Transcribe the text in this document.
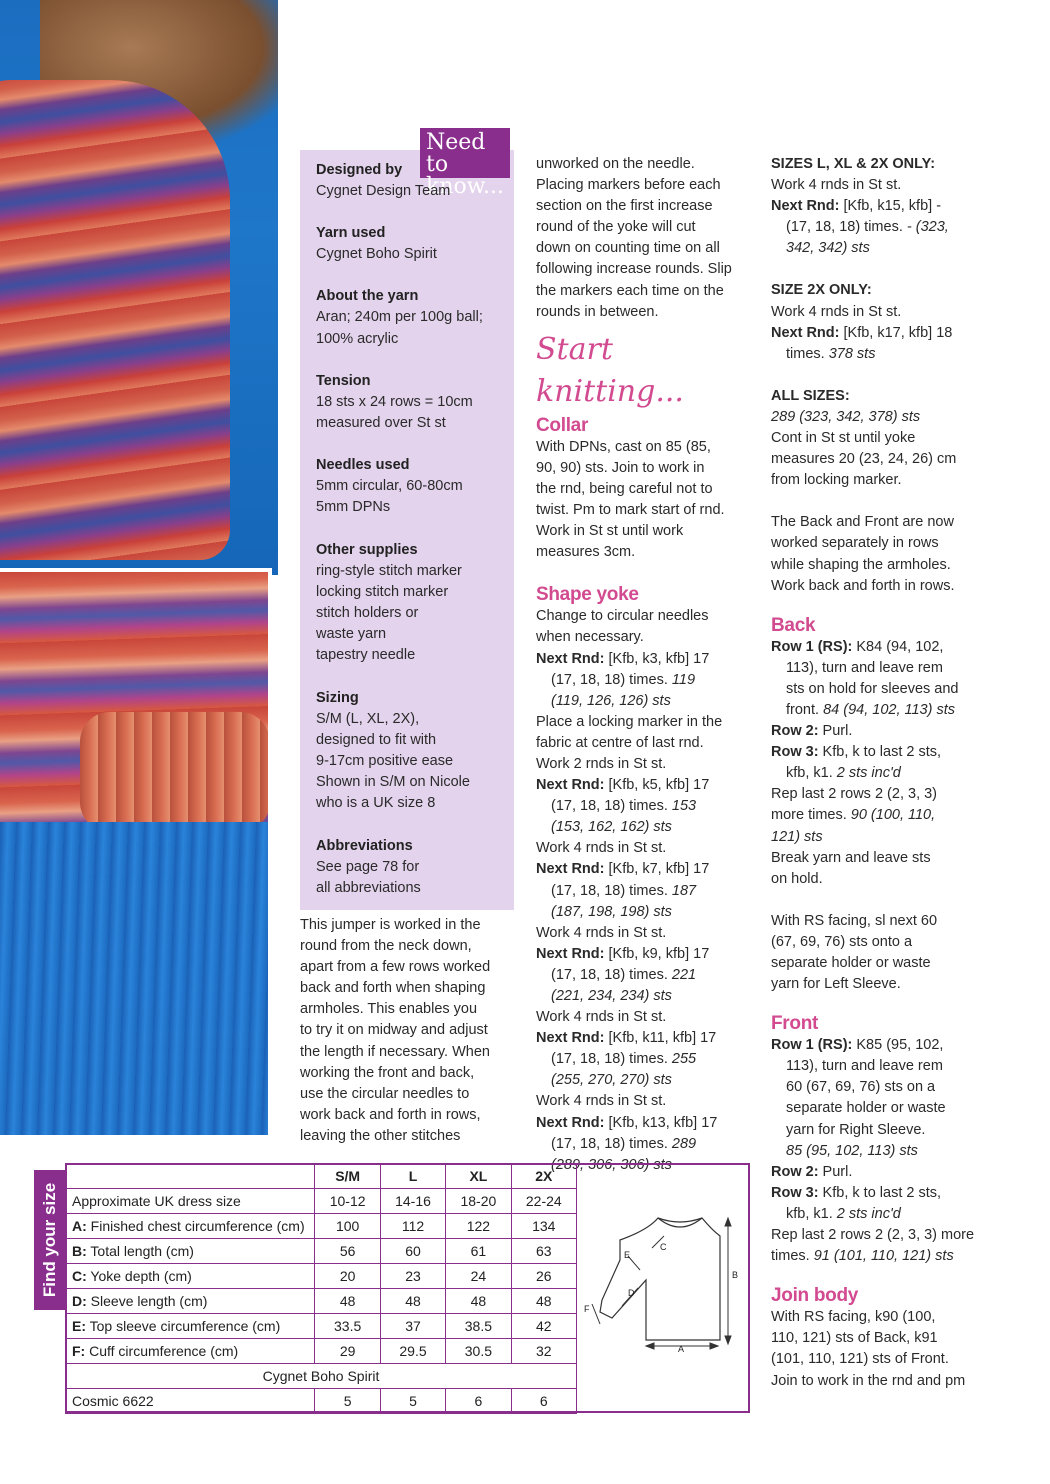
Need to
know...
Designed by
Cygnet Design Team
Yarn used
Cygnet Boho Spirit
About the yarn
Aran; 240m per 100g ball;
100% acrylic
Tension
18 sts x 24 rows = 10cm
measured over St st
Needles used
5mm circular, 60-80cm
5mm DPNs
Other supplies
ring-style stitch marker
locking stitch marker
stitch holders or
waste yarn
tapestry needle
Sizing
S/M (L, XL, 2X),
designed to fit with
9-17cm positive ease
Shown in S/M on Nicole
who is a UK size 8
Abbreviations
See page 78 for
all abbreviations
This jumper is worked in the
round from the neck down,
apart from a few rows worked
back and forth when shaping
armholes. This enables you
to try it on midway and adjust
the length if necessary. When
working the front and back,
use the circular needles to
work back and forth in rows,
leaving the other stitches
unworked on the needle.
Placing markers before each
section on the first increase
round of the yoke will cut
down on counting time on all
following increase rounds. Slip
the markers each time on the
rounds in between.
Start knitting...
Collar
With DPNs, cast on 85 (85,
90, 90) sts. Join to work in
the rnd, being careful not to
twist. Pm to mark start of rnd.
Work in St st until work
measures 3cm.
Shape yoke
Change to circular needles
when necessary.
Next Rnd: [Kfb, k3, kfb] 17
(17, 18, 18) times. 119
(119, 126, 126) sts
Place a locking marker in the
fabric at centre of last rnd.
Work 2 rnds in St st.
Next Rnd: [Kfb, k5, kfb] 17
(17, 18, 18) times. 153
(153, 162, 162) sts
Work 4 rnds in St st.
Next Rnd: [Kfb, k7, kfb] 17
(17, 18, 18) times. 187
(187, 198, 198) sts
Work 4 rnds in St st.
Next Rnd: [Kfb, k9, kfb] 17
(17, 18, 18) times. 221
(221, 234, 234) sts
Work 4 rnds in St st.
Next Rnd: [Kfb, k11, kfb] 17
(17, 18, 18) times. 255
(255, 270, 270) sts
Work 4 rnds in St st.
Next Rnd: [Kfb, k13, kfb] 17
(17, 18, 18) times. 289
(289, 306, 306) sts
SIZES L, XL & 2X ONLY:
Work 4 rnds in St st.
Next Rnd: [Kfb, k15, kfb] -
(17, 18, 18) times. - (323,
342, 342) sts
SIZE 2X ONLY:
Work 4 rnds in St st.
Next Rnd: [Kfb, k17, kfb] 18
times. 378 sts
ALL SIZES:
289 (323, 342, 378) sts
Cont in St st until yoke
measures 20 (23, 24, 26) cm
from locking marker.
The Back and Front are now
worked separately in rows
while shaping the armholes.
Work back and forth in rows.
Back
Row 1 (RS): K84 (94, 102,
113), turn and leave rem
sts on hold for sleeves and
front. 84 (94, 102, 113) sts
Row 2: Purl.
Row 3: Kfb, k to last 2 sts,
kfb, k1. 2 sts inc'd
Rep last 2 rows 2 (2, 3, 3)
more times. 90 (100, 110,
121) sts
Break yarn and leave sts
on hold.
With RS facing, sl next 60
(67, 69, 76) sts onto a
separate holder or waste
yarn for Left Sleeve.
Front
Row 1 (RS): K85 (95, 102,
113), turn and leave rem
60 (67, 69, 76) sts on a
separate holder or waste
yarn for Right Sleeve.
85 (95, 102, 113) sts
Row 2: Purl.
Row 3: Kfb, k to last 2 sts,
kfb, k1. 2 sts inc'd
Rep last 2 rows 2 (2, 3, 3) more
times. 91 (101, 110, 121) sts
Join body
With RS facing, k90 (100,
110, 121) sts of Back, k91
(101, 110, 121) sts of Front.
Join to work in the rnd and pm
Find your size
	S/M	L	XL	2X
Approximate UK dress size	10-12	14-16	18-20	22-24
A: Finished chest circumference (cm)	100	112	122	134
B: Total length (cm)	56	60	61	63
C: Yoke depth (cm)	20	23	24	26
D: Sleeve length (cm)	48	48	48	48
E: Top sleeve circumference (cm)	33.5	37	38.5	42
F: Cuff circumference (cm)	29	29.5	30.5	32
Cygnet Boho Spirit				
Cosmic 6622	5	5	6	6
A
B
C
D
E
F
